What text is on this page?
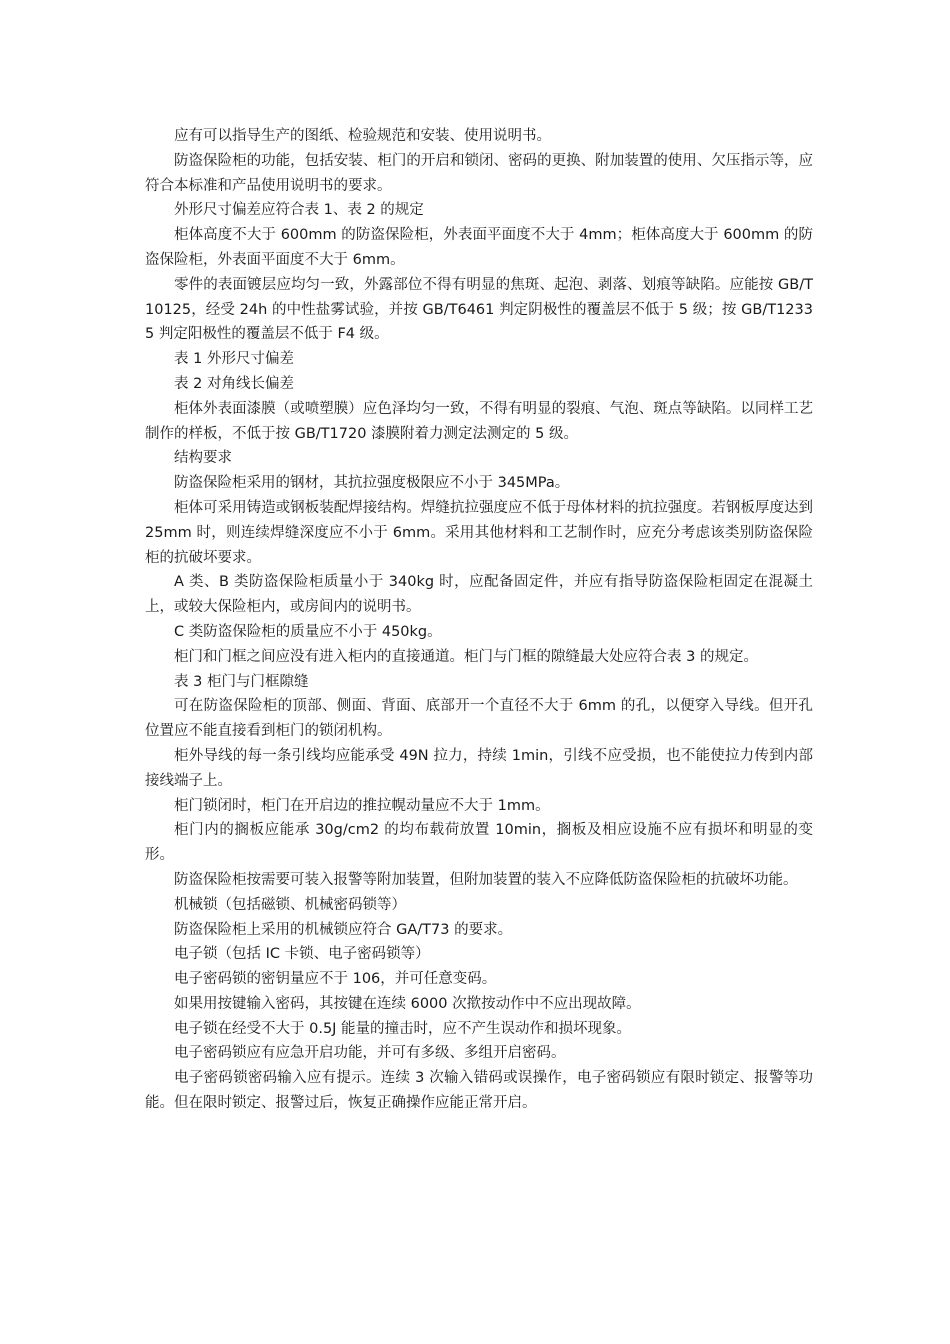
应有可以指导生产的图纸、检验规范和安装、使用说明书。

防盗保险柜的功能，包括安装、柜门的开启和锁闭、密码的更换、附加装置的使用、欠压指示等，应符合本标准和产品使用说明书的要求。

外形尺寸偏差应符合表 1、表 2 的规定

柜体高度不大于 600mm 的防盗保险柜，外表面平面度不大于 4mm；柜体高度大于 600mm 的防盗保险柜，外表面平面度不大于 6mm。

零件的表面镀层应均匀一致，外露部位不得有明显的焦斑、起泡、剥落、划痕等缺陷。应能按 GB/T10125，经受 24h 的中性盐雾试验，并按 GB/T6461 判定阴极性的覆盖层不低于 5 级；按 GB/T12335 判定阳极性的覆盖层不低于 F4 级。

表 1 外形尺寸偏差

表 2 对角线长偏差

柜体外表面漆膜（或喷塑膜）应色泽均匀一致，不得有明显的裂痕、气泡、斑点等缺陷。以同样工艺制作的样板，不低于按 GB/T1720 漆膜附着力测定法测定的 5 级。

结构要求

防盗保险柜采用的钢材，其抗拉强度极限应不小于 345MPa。

柜体可采用铸造或钢板装配焊接结构。焊缝抗拉强度应不低于母体材料的抗拉强度。若钢板厚度达到 25mm 时，则连续焊缝深度应不小于 6mm。采用其他材料和工艺制作时，应充分考虑该类别防盗保险柜的抗破坏要求。

A 类、B 类防盗保险柜质量小于 340kg 时，应配备固定件，并应有指导防盗保险柜固定在混凝土上，或较大保险柜内，或房间内的说明书。

C 类防盗保险柜的质量应不小于 450kg。

柜门和门框之间应没有进入柜内的直接通道。柜门与门框的隙缝最大处应符合表 3 的规定。

表 3 柜门与门框隙缝

可在防盗保险柜的顶部、侧面、背面、底部开一个直径不大于 6mm 的孔，以便穿入导线。但开孔位置应不能直接看到柜门的锁闭机构。

柜外导线的每一条引线均应能承受 49N 拉力，持续 1min，引线不应受损，也不能使拉力传到内部接线端子上。

柜门锁闭时，柜门在开启边的推拉幌动量应不大于 1mm。

柜门内的搁板应能承 30g/cm2 的均布载荷放置 10min，搁板及相应设施不应有损坏和明显的变形。

防盗保险柜按需要可装入报警等附加装置，但附加装置的装入不应降低防盗保险柜的抗破坏功能。

机械锁（包括磁锁、机械密码锁等）

防盗保险柜上采用的机械锁应符合 GA/T73 的要求。

电子锁（包括 IC 卡锁、电子密码锁等）

电子密码锁的密钥量应不于 106，并可任意变码。

如果用按键输入密码，其按键在连续 6000 次揿按动作中不应出现故障。

电子锁在经受不大于 0.5J 能量的撞击时，应不产生误动作和损坏现象。

电子密码锁应有应急开启功能，并可有多级、多组开启密码。

电子密码锁密码输入应有提示。连续 3 次输入错码或误操作，电子密码锁应有限时锁定、报警等功能。但在限时锁定、报警过后，恢复正确操作应能正常开启。
